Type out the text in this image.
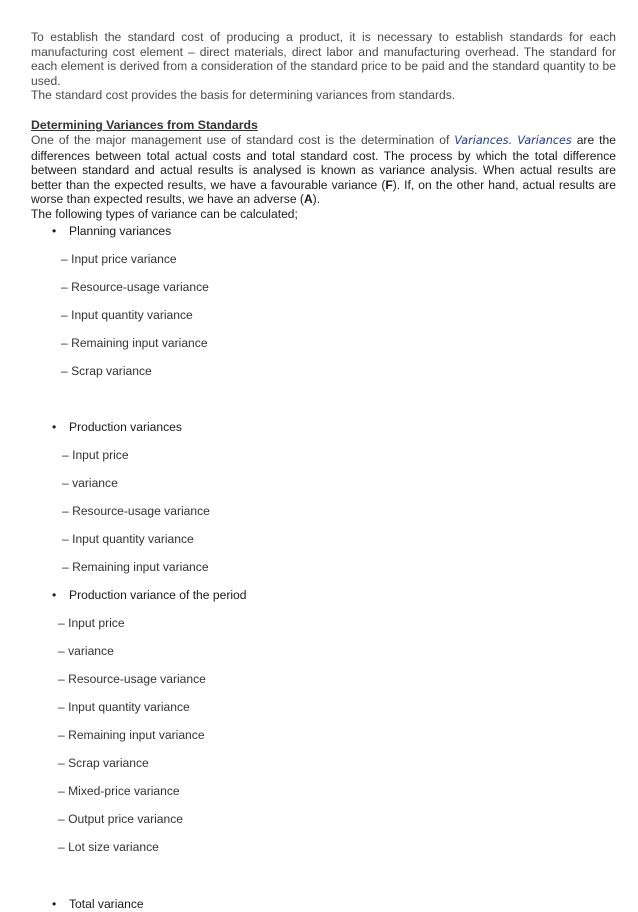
To establish the standard cost of producing a product, it is necessary to establish standards for each manufacturing cost element – direct materials, direct labor and manufacturing overhead. The standard for each element is derived from a consideration of the standard price to be paid and the standard quantity to be used.

The standard cost provides the basis for determining variances from standards.

Determining Variances from Standards

One of the major management use of standard cost is the determination of Variances. Variances are the differences between total actual costs and total standard cost. The process by which the total difference between standard and actual results is analysed is known as variance analysis. When actual results are better than the expected results, we have a favourable variance (F). If, on the other hand, actual results are worse than expected results, we have an adverse (A).

The following types of variance can be calculated;

• Planning variances
– Input price variance
– Resource-usage variance
– Input quantity variance
– Remaining input variance
– Scrap variance
• Production variances
– Input price
– variance
– Resource-usage variance
– Input quantity variance
– Remaining input variance
• Production variance of the period
– Input price
– variance
– Resource-usage variance
– Input quantity variance
– Remaining input variance
– Scrap variance
– Mixed-price variance
– Output price variance
– Lot size variance
• Total variance
